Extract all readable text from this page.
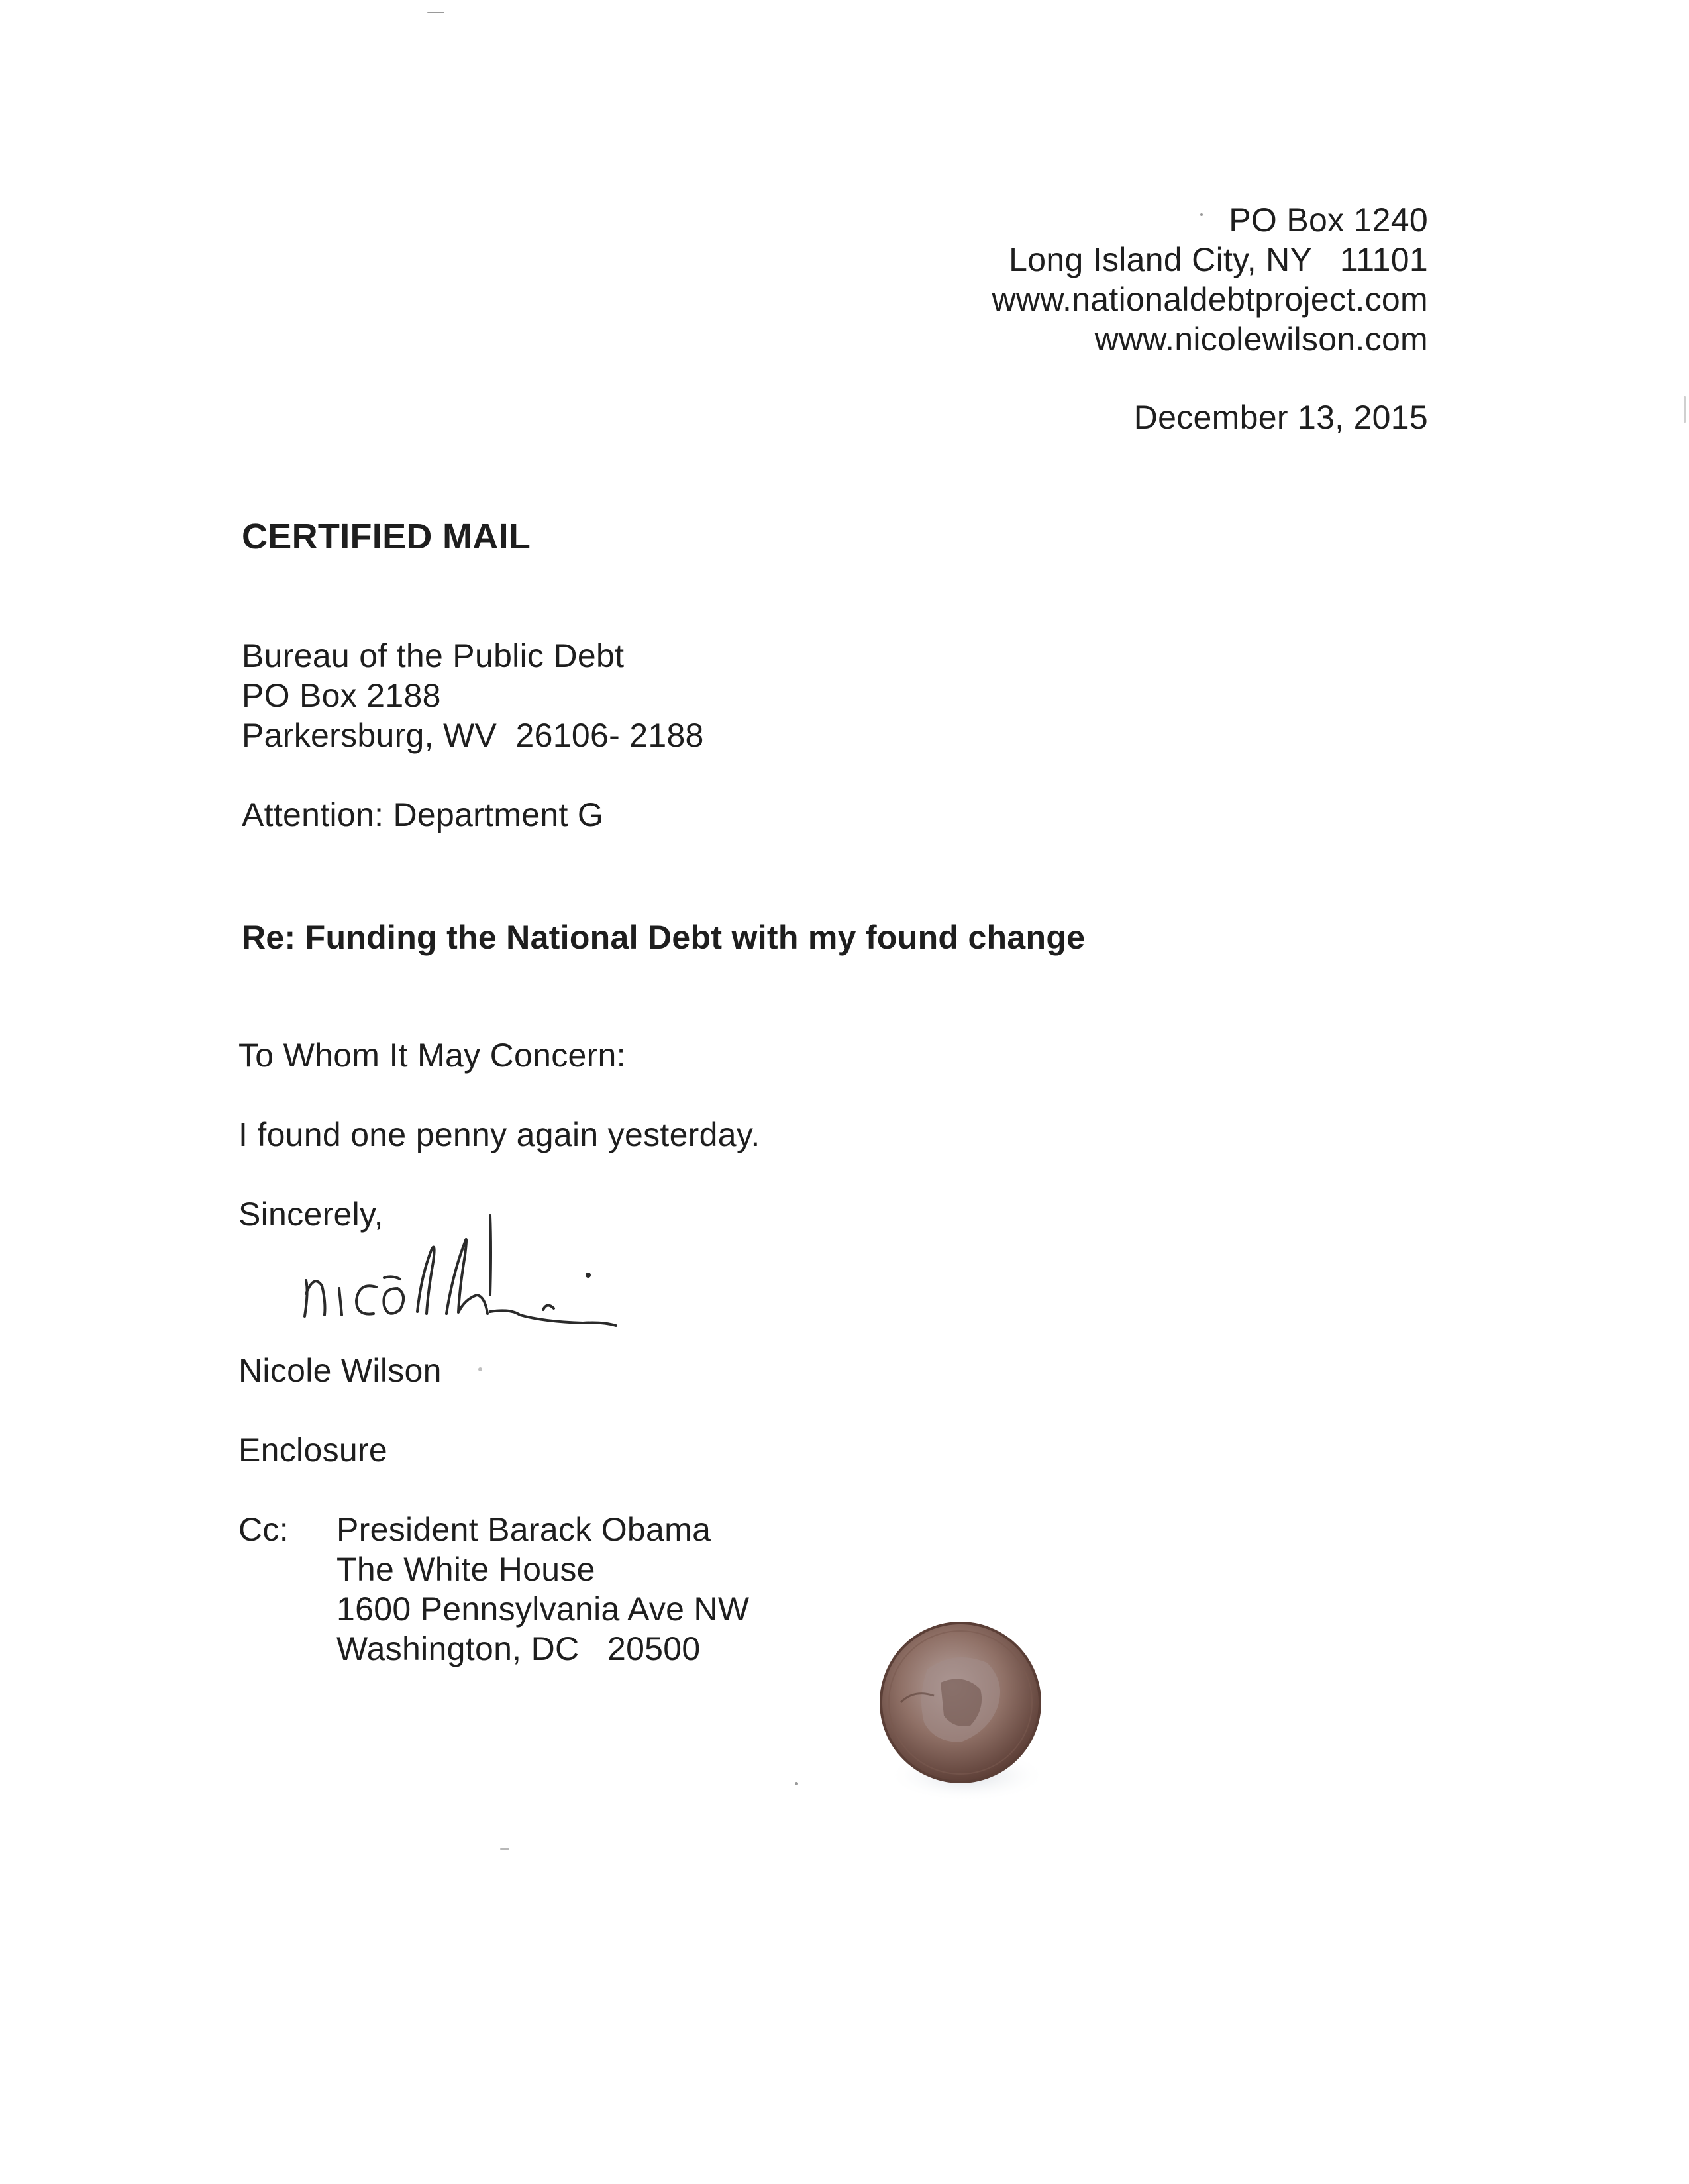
PO Box 1240
Long Island City, NY   11101
www.nationaldebtproject.com
www.nicolewilson.com
December 13, 2015
CERTIFIED MAIL
Bureau of the Public Debt
PO Box 2188
Parkersburg, WV  26106- 2188
Attention: Department G
Re: Funding the National Debt with my found change
To Whom It May Concern:
I found one penny again yesterday.
Sincerely,
Nicole Wilson
Enclosure
Cc: President Barack Obama
The White House
1600 Pennsylvania Ave NW
Washington, DC   20500
